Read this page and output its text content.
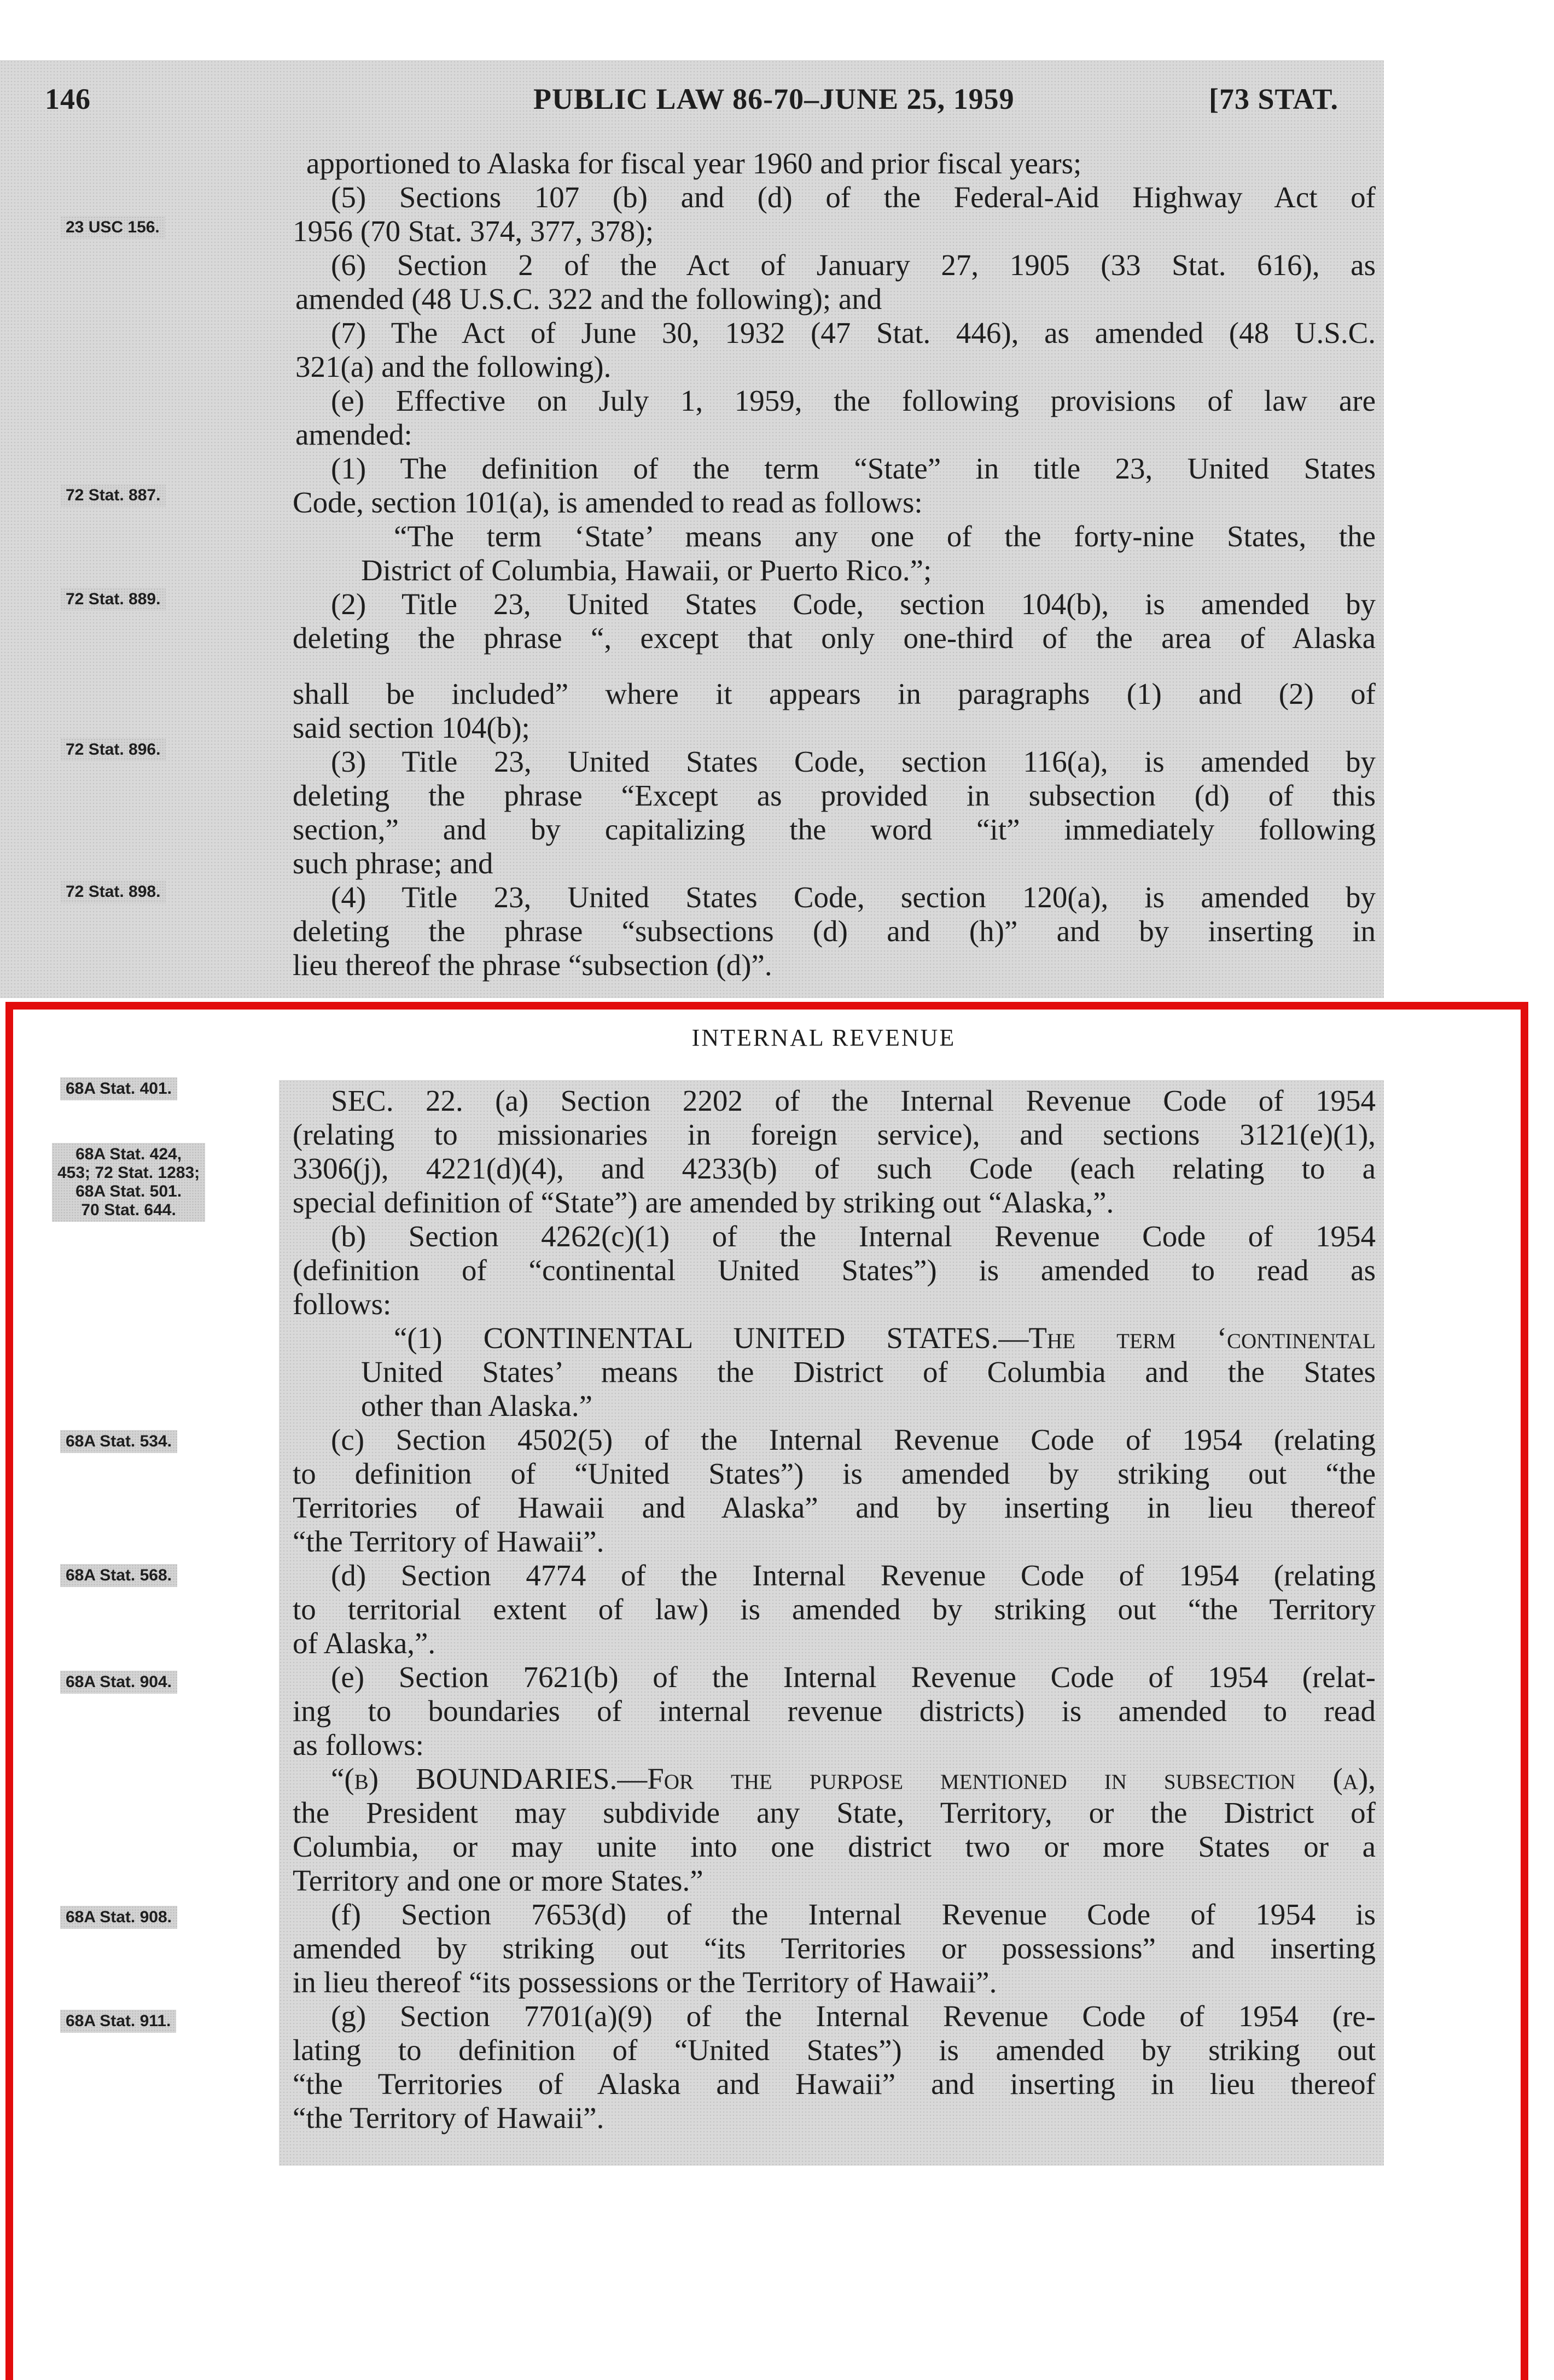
146	PUBLIC LAW 86-70–JUNE 25, 1959	[73 STAT.
23 USC 156.
72 Stat. 887.
72 Stat. 889.
72 Stat. 896.
72 Stat. 898.
68A Stat. 401.
68A Stat. 424,
453; 72 Stat. 1283;
68A Stat. 501.
70 Stat. 644.
68A Stat. 534.
68A Stat. 568.
68A Stat. 904.
68A Stat. 908.
68A Stat. 911.
apportioned to Alaska for fiscal year 1960 and prior fiscal years;
(5) Sections 107 (b) and (d) of the Federal-Aid Highway Act of
1956 (70 Stat. 374, 377, 378);
(6) Section 2 of the Act of January 27, 1905 (33 Stat. 616), as
amended (48 U.S.C. 322 and the following); and
(7) The Act of June 30, 1932 (47 Stat. 446), as amended (48 U.S.C.
321(a) and the following).
(e) Effective on July 1, 1959, the following provisions of law are
amended:
(1) The definition of the term “State” in title 23, United States
Code, section 101(a), is amended to read as follows:
“The term ‘State’ means any one of the forty-nine States, the
District of Columbia, Hawaii, or Puerto Rico.”;
(2) Title 23, United States Code, section 104(b), is amended by
deleting the phrase “, except that only one-third of the area of Alaska
shall be included” where it appears in paragraphs (1) and (2) of
said section 104(b);
(3) Title 23, United States Code, section 116(a), is amended by
deleting the phrase “Except as provided in subsection (d) of this
section,” and by capitalizing the word “it” immediately following
such phrase; and
(4) Title 23, United States Code, section 120(a), is amended by
deleting the phrase “subsections (d) and (h)” and by inserting in
lieu thereof the phrase “subsection (d)”.
INTERNAL REVENUE
SEC. 22. (a) Section 2202 of the Internal Revenue Code of 1954
(relating to missionaries in foreign service), and sections 3121(e)(1),
3306(j), 4221(d)(4), and 4233(b) of such Code (each relating to a
special definition of “State”) are amended by striking out “Alaska,”.
(b) Section 4262(c)(1) of the Internal Revenue Code of 1954
(definition of “continental United States”) is amended to read as
follows:
“(1) CONTINENTAL UNITED STATES.—The term ‘continental
United States’ means the District of Columbia and the States
other than Alaska.”
(c) Section 4502(5) of the Internal Revenue Code of 1954 (relating
to definition of “United States”) is amended by striking out “the
Territories of Hawaii and Alaska” and by inserting in lieu thereof
“the Territory of Hawaii”.
(d) Section 4774 of the Internal Revenue Code of 1954 (relating
to territorial extent of law) is amended by striking out “the Territory
of Alaska,”.
(e) Section 7621(b) of the Internal Revenue Code of 1954 (relat-
ing to boundaries of internal revenue districts) is amended to read
as follows:
“(b) BOUNDARIES.—For the purpose mentioned in subsection (a),
the President may subdivide any State, Territory, or the District of
Columbia, or may unite into one district two or more States or a
Territory and one or more States.”
(f) Section 7653(d) of the Internal Revenue Code of 1954 is
amended by striking out “its Territories or possessions” and inserting
in lieu thereof “its possessions or the Territory of Hawaii”.
(g) Section 7701(a)(9) of the Internal Revenue Code of 1954 (re-
lating to definition of “United States”) is amended by striking out
“the Territories of Alaska and Hawaii” and inserting in lieu thereof
“the Territory of Hawaii”.
